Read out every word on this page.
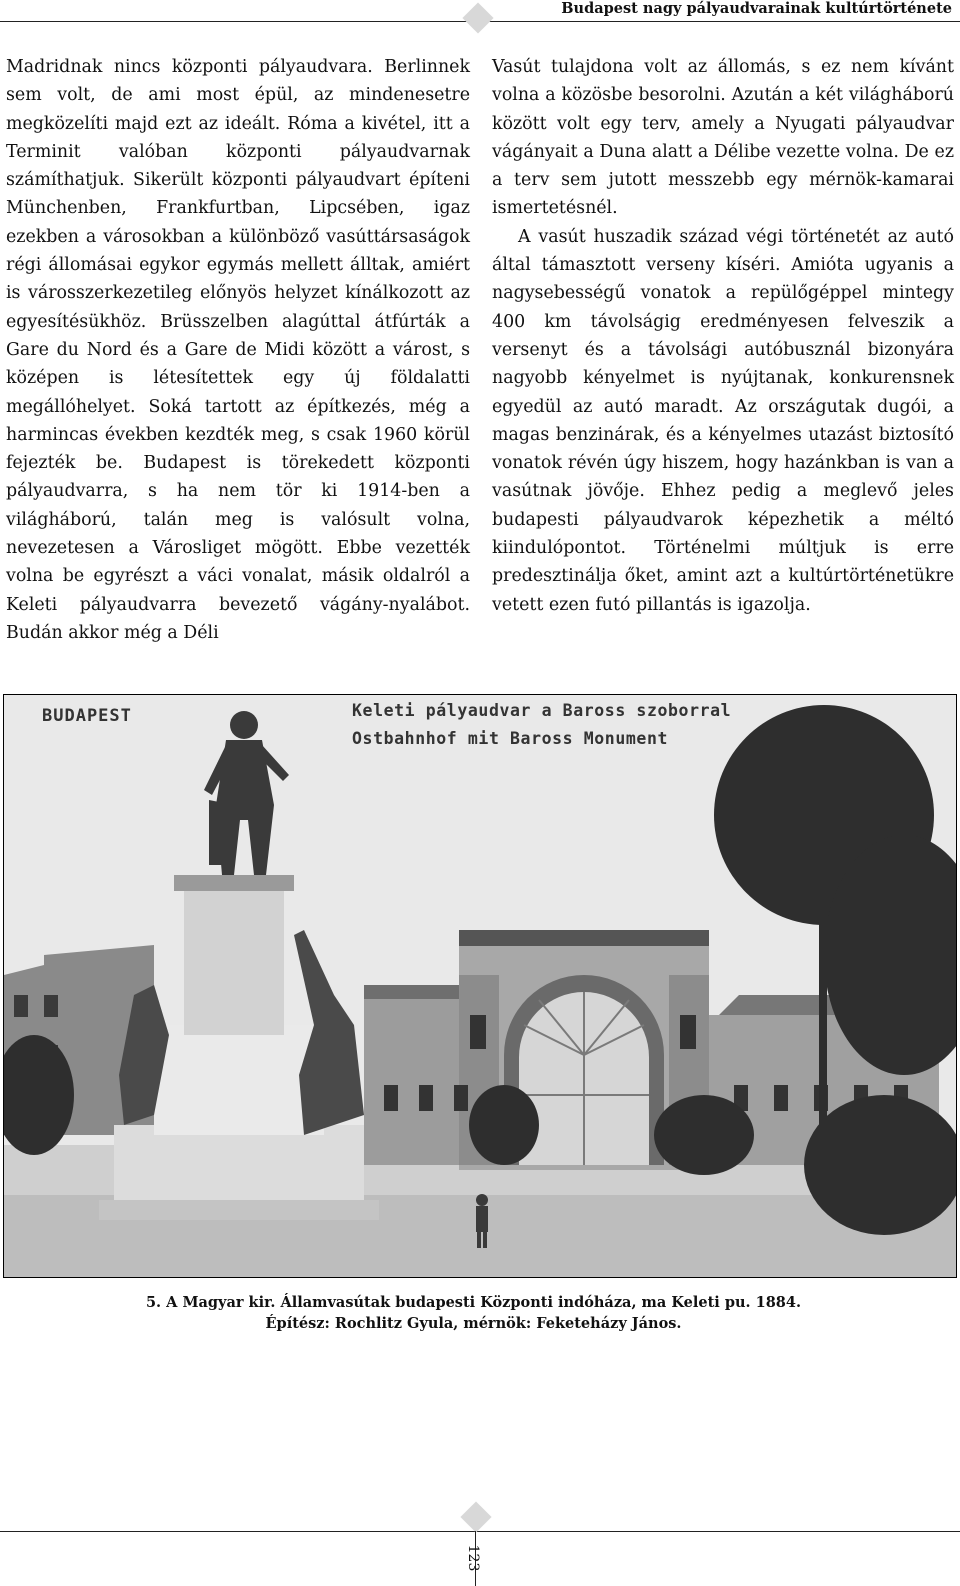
Budapest nagy pályaudvarainak kultúrtörténete

Madridnak nincs központi pályaudvara. Berlinnek sem volt, de ami most épül, az mindenesetre megközelíti majd ezt az ideált. Róma a kivétel, itt a Terminit valóban központi pályaudvarnak számíthatjuk. Sikerült központi pályaudvart építeni Münchenben, Frankfurtban, Lipcsében, igaz ezekben a városokban a különböző vasúttársaságok régi állomásai egykor egymás mellett álltak, amiért is városszerkezetileg előnyös helyzet kínálkozott az egyesítésükhöz. Brüsszelben alagúttal átfúrták a Gare du Nord és a Gare de Midi között a várost, s középen is létesítettek egy új földalatti megállóhelyet. Soká tartott az építkezés, még a harmincas években kezdték meg, s csak 1960 körül fejezték be. Budapest is törekedett központi pályaudvarra, s ha nem tör ki 1914-ben a világháború, talán meg is valósult volna, nevezetesen a Városliget mögött. Ebbe vezették volna be egyrészt a váci vonalat, másik oldalról a Keleti pályaudvarra bevezető vágány-nyalábot. Budán akkor még a Déli

Vasút tulajdona volt az állomás, s ez nem kívánt volna a közösbe besorolni. Azután a két világháború között volt egy terv, amely a Nyugati pályaudvar vágányait a Duna alatt a Délibe vezette volna. De ez a terv sem jutott messzebb egy mérnök-kamarai ismertetésnél.

A vasút huszadik század végi történetét az autó által támasztott verseny kíséri. Amióta ugyanis a nagysebességű vonatok a repülőgéppel mintegy 400 km távolságig eredményesen felveszik a versenyt és a távolsági autóbusznál bizonyára nagyobb kényelmet is nyújtanak, konkurensnek egyedül az autó maradt. Az országutak dugói, a magas benzinárak, és a kényelmes utazást biztosító vonatok révén úgy hiszem, hogy hazánkban is van a vasútnak jövője. Ehhez pedig a meglevő jeles budapesti pályaudvarok képezhetik a méltó kiindulópontot. Történelmi múltjuk is erre predesztinálja őket, amint azt a kultúrtörténetükre vetett ezen futó pillantás is igazolja.

BUDAPEST	Keleti pályaudvar a Baross szoborral
Ostbahnhof mit Baross Monument
5. A Magyar kir. Államvasútak budapesti Központi indóháza, ma Keleti pu. 1884.
Építész: Rochlitz Gyula, mérnök: Feketeházy János.
123
